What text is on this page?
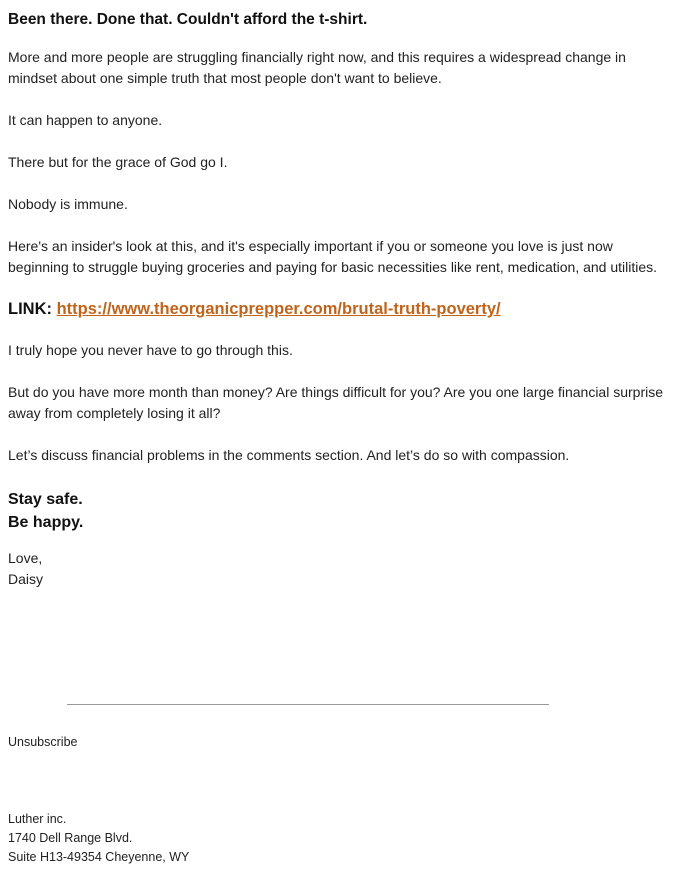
Been there. Done that. Couldn't afford the t-shirt.

More and more people are struggling financially right now, and this requires a widespread change in mindset about one simple truth that most people don't want to believe.

It can happen to anyone.

There but for the grace of God go I.

Nobody is immune.

Here's an insider's look at this, and it's especially important if you or someone you love is just now beginning to struggle buying groceries and paying for basic necessities like rent, medication, and utilities.

LINK: https://www.theorganicprepper.com/brutal-truth-poverty/

I truly hope you never have to go through this.

But do you have more month than money? Are things difficult for you? Are you one large financial surprise away from completely losing it all?

Let’s discuss financial problems in the comments section. And let’s do so with compassion.

Stay safe.

Be happy.

Love,

Daisy

Unsubscribe
Luther inc.
1740 Dell Range Blvd.
Suite H13-49354 Cheyenne, WY
